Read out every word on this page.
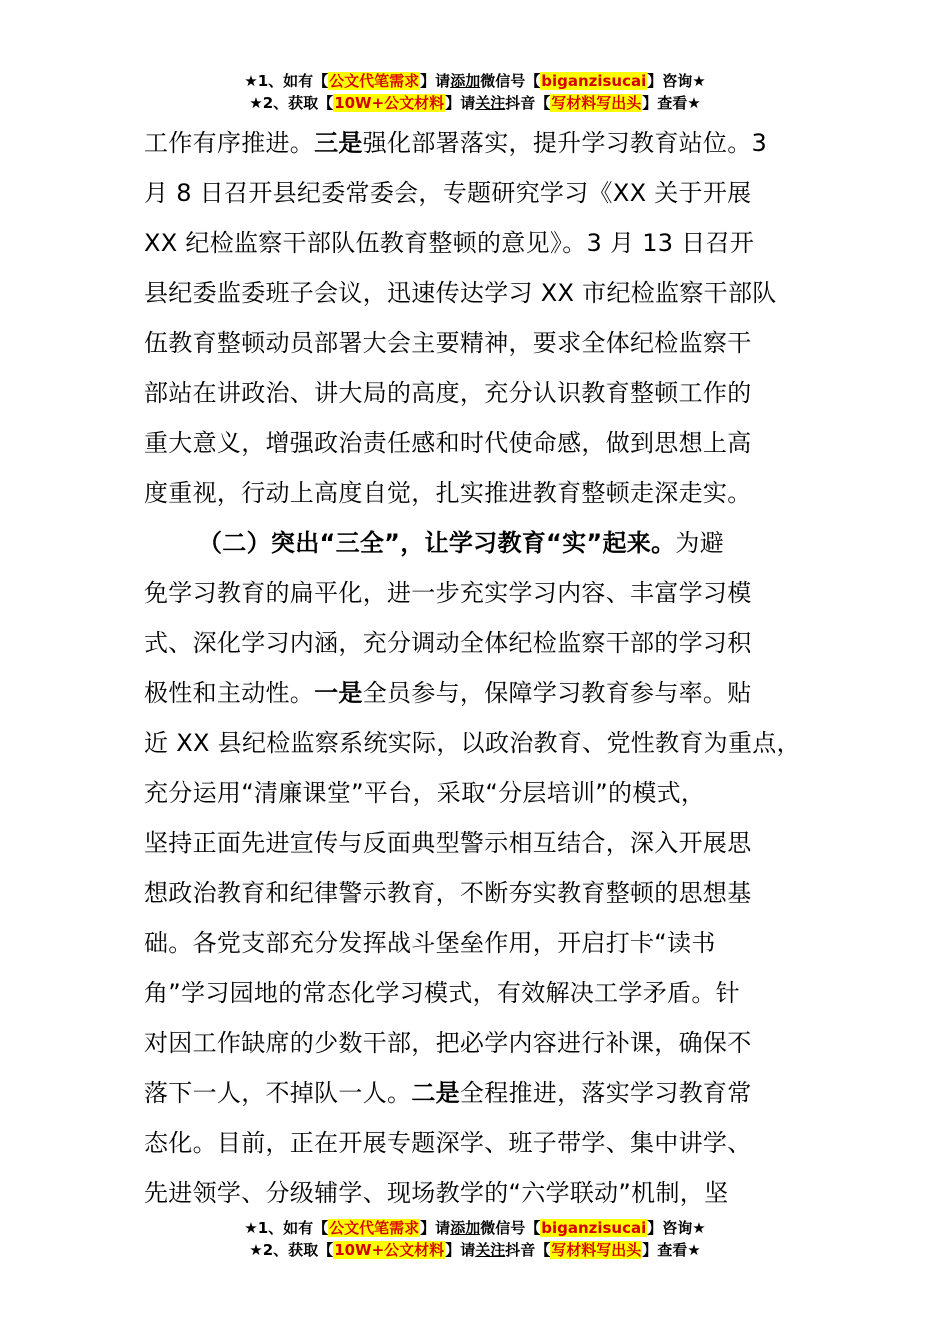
★1、如有【公文代笔需求】请添加微信号【biganzisucai】咨询★
★2、获取【10W+公文材料】请关注抖音【写材料写出头】查看★
工作有序推进。三是强化部署落实，提升学习教育站位。3
月 8 日召开县纪委常委会，专题研究学习《XX 关于开展
XX 纪检监察干部队伍教育整顿的意见》。3 月 13 日召开
县纪委监委班子会议，迅速传达学习 XX 市纪检监察干部队
伍教育整顿动员部署大会主要精神，要求全体纪检监察干
部站在讲政治、讲大局的高度，充分认识教育整顿工作的
重大意义，增强政治责任感和时代使命感，做到思想上高
度重视，行动上高度自觉，扎实推进教育整顿走深走实。
（二）突出“三全”，让学习教育“实”起来。为避
免学习教育的扁平化，进一步充实学习内容、丰富学习模
式、深化学习内涵，充分调动全体纪检监察干部的学习积
极性和主动性。一是全员参与，保障学习教育参与率。贴
近 XX 县纪检监察系统实际，以政治教育、党性教育为重点，
充分运用“清廉课堂”平台，采取“分层培训”的模式，
坚持正面先进宣传与反面典型警示相互结合，深入开展思
想政治教育和纪律警示教育，不断夯实教育整顿的思想基
础。各党支部充分发挥战斗堡垒作用，开启打卡“读书
角”学习园地的常态化学习模式，有效解决工学矛盾。针
对因工作缺席的少数干部，把必学内容进行补课，确保不
落下一人，不掉队一人。二是全程推进，落实学习教育常
态化。目前，正在开展专题深学、班子带学、集中讲学、
先进领学、分级辅学、现场教学的“六学联动”机制，坚
★1、如有【公文代笔需求】请添加微信号【biganzisucai】咨询★
★2、获取【10W+公文材料】请关注抖音【写材料写出头】查看★
